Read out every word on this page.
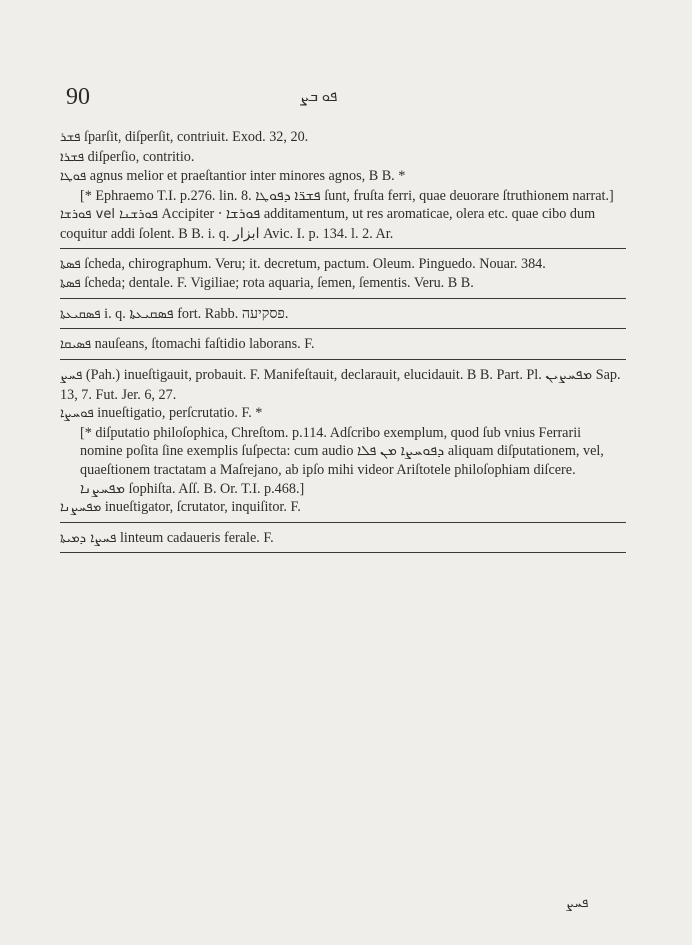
90	ܦܘ ܒܨ

ܦܫܪ ſparſit, diſperſit, contriuit. Exod. 32, 20.

ܦܫܪܐ diſperſio, contritio.

ܦܘܛܐ agnus melior et praeſtantior inter minores agnos, B B. *

[* Ephraemo T.I. p.276. lin. 8. ܦܫܪ̈ܐ ܕܦܘܛܐ ſunt, fruſta ferri, quae deuorare ſtruthionem narrat.]

ܦܘܪܫܐ vel ܦܘܪܫܢܐ Accipiter ‧ ܦܘܪܫܐ additamentum, ut res aromaticae, olera etc. quae cibo dum coquitur addi ſolent. B B. i. q. ابزار Avic. I. p. 134. l. 2. Ar.

ܦܣܬܐ ſcheda, chirographum. Veru; it. decretum, pactum. Oleum. Pinguedo. Nouar. 384.

ܦܣܬܐ ſcheda; dentale. F. Vigiliae; rota aquaria, ſemen, ſementis. Veru. B B.

ܦܣܩܝܥܬܐ i. q. ܦܣܩܝܥܬܐ fort. Rabb. פסקיעה.

ܦܣܝܩܐ nauſeans, ſtomachi faſtidio laborans. F.

ܦܚܨ (Pah.) inueſtigauit, probauit. F. Manifeſtauit, declarauit, elucidauit. B B. Part. Pl. ܡܦܚܨܝܢ Sap. 13, 7. Fut. Jer. 6, 27.

ܦܘܚܨܐ inueſtigatio, perſcrutatio. F. *

[* diſputatio philoſophica, Chreſtom. p.114. Adſcribo exemplum, quod ſub vnius Ferrarii nomine poſita ſine exemplis ſuſpecta: cum audio ܕܦܘܚܨܐ ܡܢ ܦܠܐ aliquam diſputationem, vel, quaeſtionem tractatam a Maſrejano, ab ipſo mihi videor Ariſtotele philoſophiam diſcere.

ܡܦܚܨܢܐ ſophiſta. Aſſ. B. Or. T.I. p.468.]

ܡܦܚܨܢܐ inueſtigator, ſcrutator, inquiſitor. F.

ܦܚܨܐ ܕܡܝܬܐ linteum cadaueris ferale. F.

ܦܚܨ
